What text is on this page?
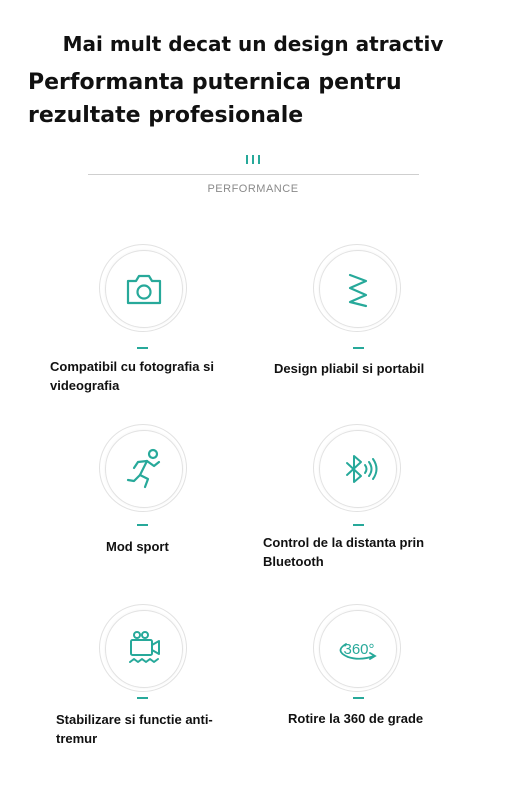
Mai mult decat un design atractiv
Performanta puternica pentru rezultate profesionale
PERFORMANCE
Compatibil cu fotografia si videografia
Design pliabil si portabil
Mod sport	Control de la distanta prin Bluetooth
Stabilizare si functie anti-tremur
360°
Rotire la 360 de grade
